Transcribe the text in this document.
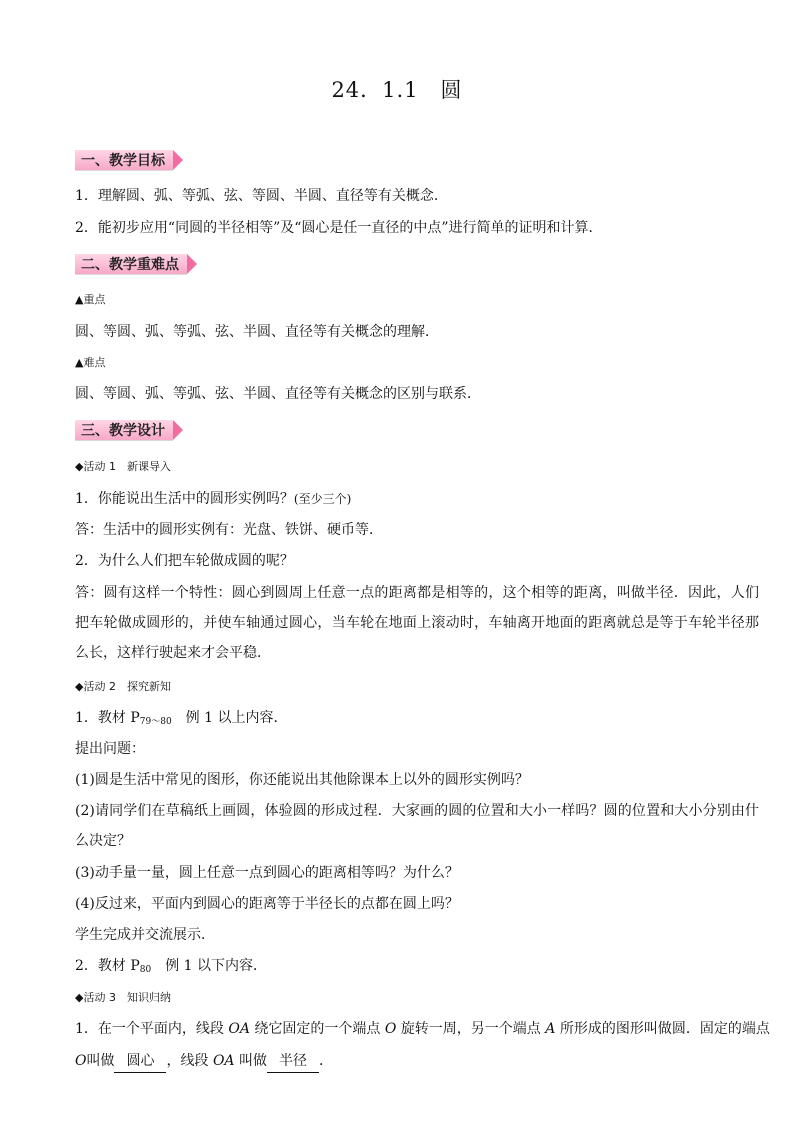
24．1.1　圆
一、教学目标
1．理解圆、弧、等弧、弦、等圆、半圆、直径等有关概念．
2．能初步应用“同圆的半径相等”及“圆心是任一直径的中点”进行简单的证明和计算．
二、教学重难点
▲重点
圆、等圆、弧、等弧、弦、半圆、直径等有关概念的理解．
▲难点
圆、等圆、弧、等弧、弦、半圆、直径等有关概念的区别与联系．
三、教学设计
◆活动 1　新课导入
1．你能说出生活中的圆形实例吗？(至少三个)
答：生活中的圆形实例有：光盘、铁饼、硬币等．
2．为什么人们把车轮做成圆的呢？
答：圆有这样一个特性：圆心到圆周上任意一点的距离都是相等的，这个相等的距离，叫做半径．因此，人们把车轮做成圆形的，并使车轴通过圆心，当车轮在地面上滚动时，车轴离开地面的距离就总是等于车轮半径那么长，这样行驶起来才会平稳．
◆活动 2　探究新知
1．教材 $P_{79\sim 80}$　例 1 以上内容．
提出问题：
(1)圆是生活中常见的图形，你还能说出其他除课本上以外的圆形实例吗？
(2)请同学们在草稿纸上画圆，体验圆的形成过程．大家画的圆的位置和大小一样吗？圆的位置和大小分别由什么决定？
(3)动手量一量，圆上任意一点到圆心的距离相等吗？为什么？
(4)反过来，平面内到圆心的距离等于半径长的点都在圆上吗？
学生完成并交流展示．
2．教材 $P_{80}$　例 1 以下内容．
◆活动 3　知识归纳
1．在一个平面内，线段 OA 绕它固定的一个端点 O 旋转一周，另一个端点 A 所形成的图形叫做圆．固定的端点
O叫做 圆心 ，线段 OA 叫做 半径 ．
